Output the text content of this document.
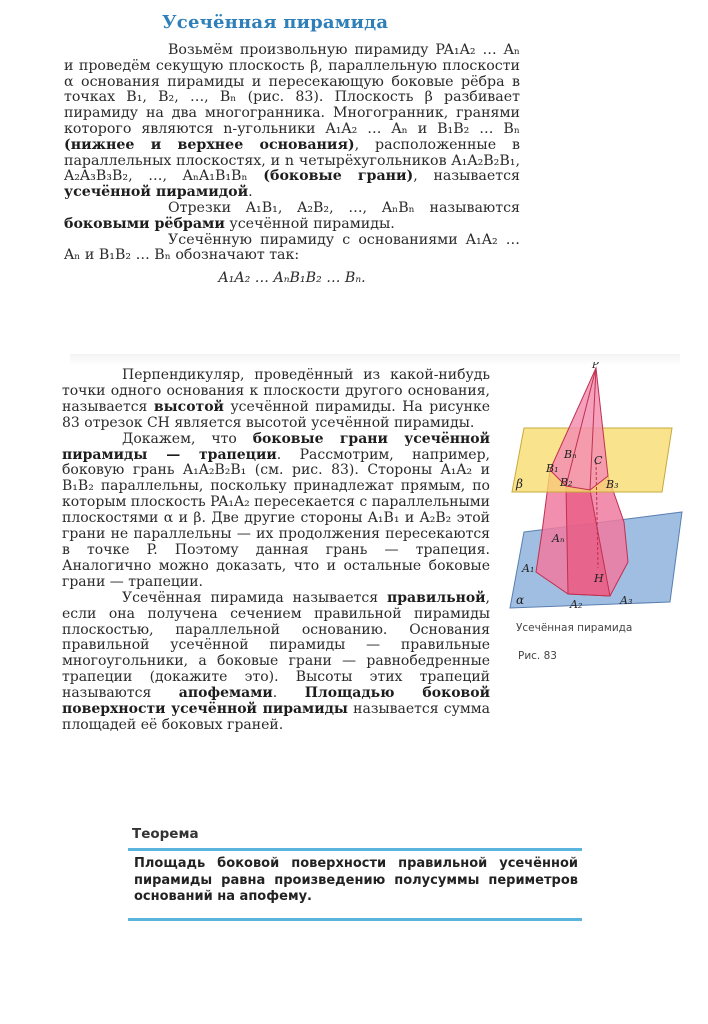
Усечённая пирамида

Возьмём произвольную пирамиду PA₁A₂ … Aₙ и проведём секущую плоскость β, параллельную плоскости α основания пирамиды и пересекающую боковые рёбра в точках B₁, B₂, …, Bₙ (рис. 83). Плоскость β разбивает пирамиду на два многогранника. Многогранник, гранями которого являются n-угольники A₁A₂ … Aₙ и B₁B₂ … Bₙ (нижнее и верхнее основания), расположенные в параллельных плоскостях, и n четырёхугольников A₁A₂B₂B₁, A₂A₃B₃B₂, …, AₙA₁B₁Bₙ (боковые грани), называется усечённой пирамидой.

Отрезки A₁B₁, A₂B₂, …, AₙBₙ называются боковыми рёбрами усечённой пирамиды.

Усечённую пирамиду с основаниями A₁A₂ … Aₙ и B₁B₂ … Bₙ обозначают так:

A₁A₂ … AₙB₁B₂ … Bₙ.

Перпендикуляр, проведённый из какой-нибудь точки одного основания к плоскости другого основания, называется высотой усечённой пирамиды. На рисунке 83 отрезок CH является высотой усечённой пирамиды.

Докажем, что боковые грани усечённой пирамиды — трапеции. Рассмотрим, например, боковую грань A₁A₂B₂B₁ (см. рис. 83). Стороны A₁A₂ и B₁B₂ параллельны, поскольку принадлежат прямым, по которым плоскость PA₁A₂ пересекается с параллельными плоскостями α и β. Две другие стороны A₁B₁ и A₂B₂ этой грани не параллельны — их продолжения пересекаются в точке P. Поэтому данная грань — трапеция. Аналогично можно доказать, что и остальные боковые грани — трапеции.

Усечённая пирамида называется правильной, если она получена сечением правильной пирамиды плоскостью, параллельной основанию. Основания правильной усечённой пирамиды — правильные многоугольники, а боковые грани — равнобедренные трапеции (докажите это). Высоты этих трапеций называются апофемами. Площадью боковой поверхности усечённой пирамиды называется сумма площадей её боковых граней.

P
B₁
Bₙ C
B₂	B₃
β
Aₙ
A₁
H
α	A₂	A₃
Усечённая пирамида
Рис. 83
Теорема

Площадь боковой поверхности правильной усечённой пирамиды равна произведению полусуммы периметров оснований на апофему.
